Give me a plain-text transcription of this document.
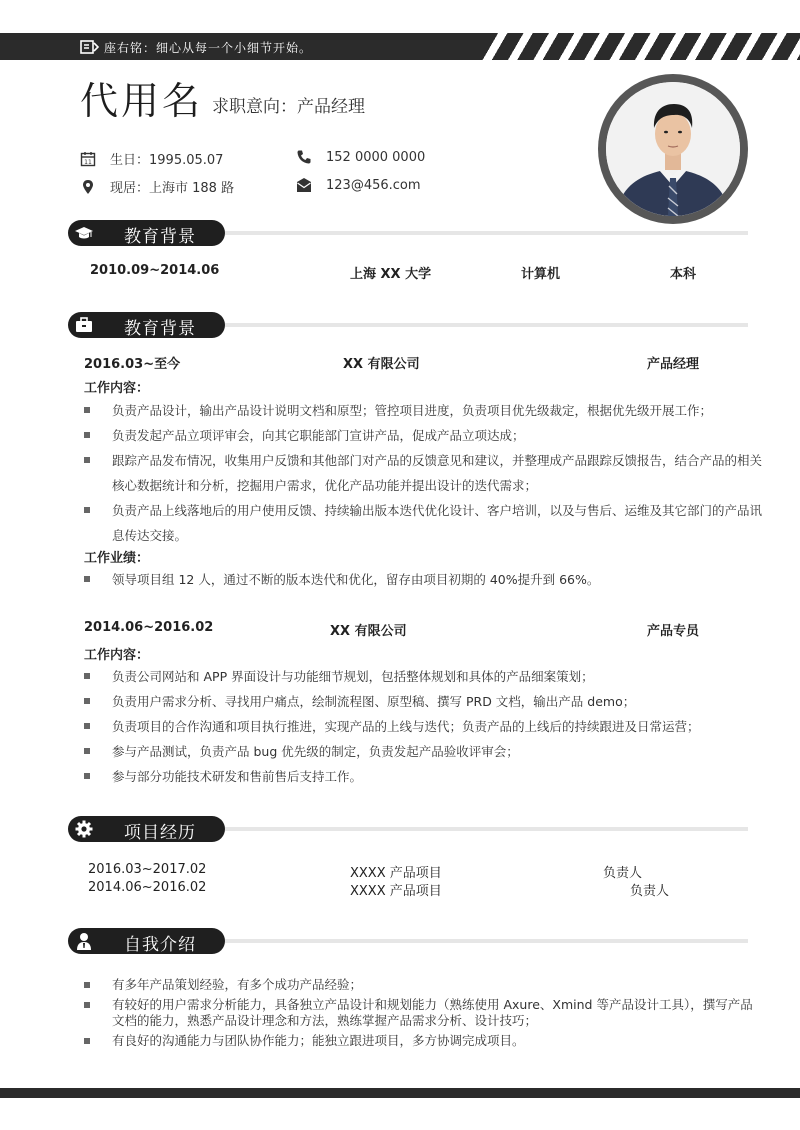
座右铭：细心从每一个小细节开始。
代用名 求职意向：产品经理
11 生日：1995.05.07
现居：上海市 188 路
152 0000 0000
123@456.com
教育背景
2010.09~2014.06	上海 XX 大学	计算机	本科
教育背景
2016.03~至今	XX 有限公司	产品经理
工作内容：
负责产品设计，输出产品设计说明文档和原型；管控项目进度，负责项目优先级裁定，根据优先级开展工作；
负责发起产品立项评审会，向其它职能部门宣讲产品，促成产品立项达成；
跟踪产品发布情况，收集用户反馈和其他部门对产品的反馈意见和建议，并整理成产品跟踪反馈报告，结合产品的相关核心数据统计和分析，挖掘用户需求，优化产品功能并提出设计的迭代需求；
负责产品上线落地后的用户使用反馈、持续输出版本迭代优化设计、客户培训，以及与售后、运维及其它部门的产品讯息传达交接。
工作业绩：
领导项目组 12 人，通过不断的版本迭代和优化，留存由项目初期的 40%提升到 66%。
2014.06~2016.02	XX 有限公司	产品专员
工作内容：
负责公司网站和 APP 界面设计与功能细节规划，包括整体规划和具体的产品细案策划；
负责用户需求分析、寻找用户痛点，绘制流程图、原型稿、撰写 PRD 文档，输出产品 demo；
负责项目的合作沟通和项目执行推进，实现产品的上线与迭代；负责产品的上线后的持续跟进及日常运营；
参与产品测试，负责产品 bug 优先级的制定，负责发起产品验收评审会；
参与部分功能技术研发和售前售后支持工作。
项目经历
2016.03~2017.02	XXXX 产品项目	负责人
2014.06~2016.02	XXXX 产品项目	负责人
自我介绍
有多年产品策划经验，有多个成功产品经验；
有较好的用户需求分析能力，具备独立产品设计和规划能力（熟练使用 Axure、Xmind 等产品设计工具），撰写产品文档的能力，熟悉产品设计理念和方法，熟练掌握产品需求分析、设计技巧；
有良好的沟通能力与团队协作能力；能独立跟进项目，多方协调完成项目。
